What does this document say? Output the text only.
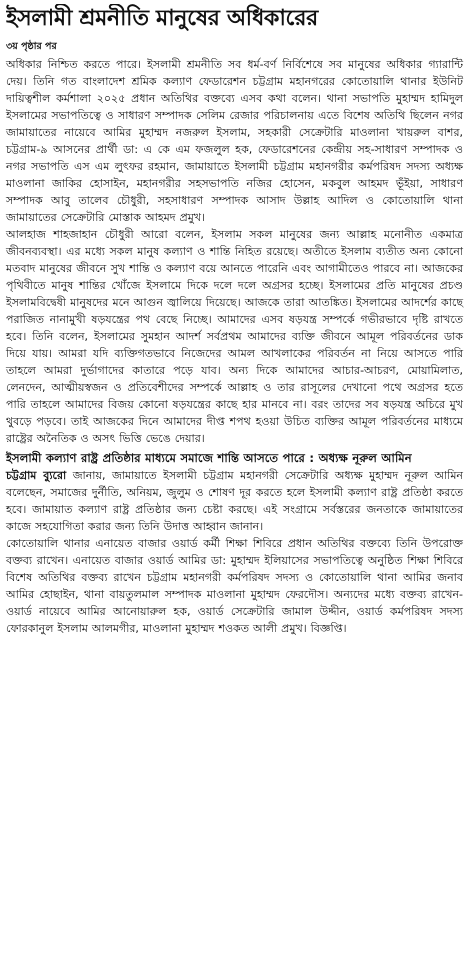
ইসলামী শ্রমনীতি মানুষের অধিকারের
৩য় পৃষ্ঠার পর

অধিকার নিশ্চিত করতে পারে। ইসলামী শ্রমনীতি সব ধর্ম-বর্ণ নির্বিশেষে সব মানুষের অধিকার গ্যারান্টি দেয়। তিনি গত বাংলাদেশ শ্রমিক কল্যাণ ফেডারেশন চট্টগ্রাম মহানগরের কোতোয়ালি থানার ইউনিট দায়িত্বশীল কর্মশালা ২০২৫ প্রধান অতিথির বক্তব্যে এসব কথা বলেন। থানা সভাপতি মুহাম্মদ হামিদুল ইসলামের সভাপতিত্বে ও সাধারণ সম্পাদক সেলিম রেজার পরিচালনায় এতে বিশেষ অতিথি ছিলেন নগর জামায়াতের নায়েবে আমির মুহাম্মদ নজরুল ইসলাম, সহকারী সেক্রেটারি মাওলানা খায়রুল বাশর, চট্টগ্রাম-৯ আসনের প্রার্থী ডা: এ কে এম ফজলুল হক, ফেডারেশনের কেন্দ্রীয় সহ-সাধারণ সম্পাদক ও নগর সভাপতি এস এম লুৎফর রহমান, জামায়াতে ইসলামী চট্টগ্রাম মহানগরীর কর্মপরিষদ সদস্য অধ্যক্ষ মাওলানা জাকির হোসাইন, মহানগরীর সহসভাপতি নজির হোসেন, মকবুল আহমদ ভূঁইয়া, সাধারণ সম্পাদক আবু তালেব চৌধুরী, সহসাধারণ সম্পাদক আসাদ উল্লাহ আদিল ও কোতোয়ালি থানা জামায়াতের সেক্রেটারি মোস্তাক আহমদ প্রমুখ।

আলহাজ শাহজাহান চৌধুরী আরো বলেন, ইসলাম সকল মানুষের জন্য আল্লাহ মনোনীত একমাত্র জীবনব্যবস্থা। এর মধ্যে সকল মানুষ কল্যাণ ও শান্তি নিহিত রয়েছে। অতীতে ইসলাম ব্যতীত অন্য কোনো মতবাদ মানুষের জীবনে সুখ শান্তি ও কল্যাণ বয়ে আনতে পারেনি এবং আগামীতেও পারবে না। আজকের পৃথিবীতে মানুষ শান্তির খোঁজে ইসলামে দিকে দলে দলে অগ্রসর হচ্ছে। ইসলামের প্রতি মানুষের প্রচণ্ড ইসলামবিদ্বেষী মানুষদের মনে আগুন জ্বালিয়ে দিয়েছে। আজকে তারা আতঙ্কিত। ইসলামের আদর্শের কাছে পরাজিত নানামুখী ষড়যন্ত্রের পথ বেছে নিচ্ছে। আমাদের এসব ষড়যন্ত্র সম্পর্কে গভীরভাবে দৃষ্টি রাখতে হবে। তিনি বলেন, ইসলামের সুমহান আদর্শ সর্বপ্রথম আমাদের ব্যক্তি জীবনে আমূল পরিবর্তনের ডাক দিয়ে যায়। আমরা যদি ব্যক্তিগতভাবে নিজেদের আমল আখলাকের পরিবর্তন না নিয়ে আসতে পারি তাহলে আমরা দুর্ভাগাদের কাতারে পড়ে যাব। অন্য দিকে আমাদের আচার-আচরণ, মোয়ামিলাত, লেনদেন, আত্মীয়স্বজন ও প্রতিবেশীদের সম্পর্কে আল্লাহ ও তার রাসূলের দেখানো পথে অগ্রসর হতে পারি তাহলে আমাদের বিজয় কোনো ষড়যন্ত্রের কাছে হার মানবে না। বরং তাদের সব ষড়যন্ত্র অচিরে মুখ থুবড়ে পড়বে। তাই আজকের দিনে আমাদের দীপ্ত শপথ হওয়া উচিত ব্যক্তির আমূল পরিবর্তনের মাধ্যমে রাষ্ট্রের অনৈতিক ও অসৎ ভিত্তি ভেঙে দেয়ার।

ইসলামী কল্যাণ রাষ্ট্র প্রতিষ্ঠার মাধ্যমে সমাজে শান্তি আসতে পারে : অধ্যক্ষ নূরুল আমিন

চট্টগ্রাম ব্যুরো জানায়, জামায়াতে ইসলামী চট্টগ্রাম মহানগরী সেক্রেটারি অধ্যক্ষ মুহাম্মদ নূরুল আমিন বলেছেন, সমাজের দুর্নীতি, অনিয়ম, জুলুম ও শোষণ দূর করতে হলে ইসলামী কল্যাণ রাষ্ট্র প্রতিষ্ঠা করতে হবে। জামায়াত কল্যাণ রাষ্ট্র প্রতিষ্ঠার জন্য চেষ্টা করছে। এই সংগ্রামে সর্বস্তরের জনতাকে জামায়াতের কাজে সহযোগিতা করার জন্য তিনি উদাত্ত আহ্বান জানান।

কোতোয়ালি থানার এনায়েত বাজার ওয়ার্ড কর্মী শিক্ষা শিবিরে প্রধান অতিথির বক্তব্যে তিনি উপরোক্ত বক্তব্য রাখেন। এনায়েত বাজার ওয়ার্ড আমির ডা: মুহাম্মদ ইলিয়াসের সভাপতিত্বে অনুষ্ঠিত শিক্ষা শিবিরে বিশেষ অতিথির বক্তব্য রাখেন চট্টগ্রাম মহানগরী কর্মপরিষদ সদস্য ও কোতোয়ালি থানা আমির জনাব আমির হোছাইন, থানা বায়তুলমাল সম্পাদক মাওলানা মুহাম্মদ ফেরদৌস। অন্যদের মধ্যে বক্তব্য রাখেন- ওয়ার্ড নায়েবে আমির আনোয়ারুল হক, ওয়ার্ড সেক্রেটারি জামাল উদ্দীন, ওয়ার্ড কর্মপরিষদ সদস্য ফোরকানুল ইসলাম আলমগীর, মাওলানা মুহাম্মদ শওকত আলী প্রমুখ। বিজ্ঞপ্তি।
